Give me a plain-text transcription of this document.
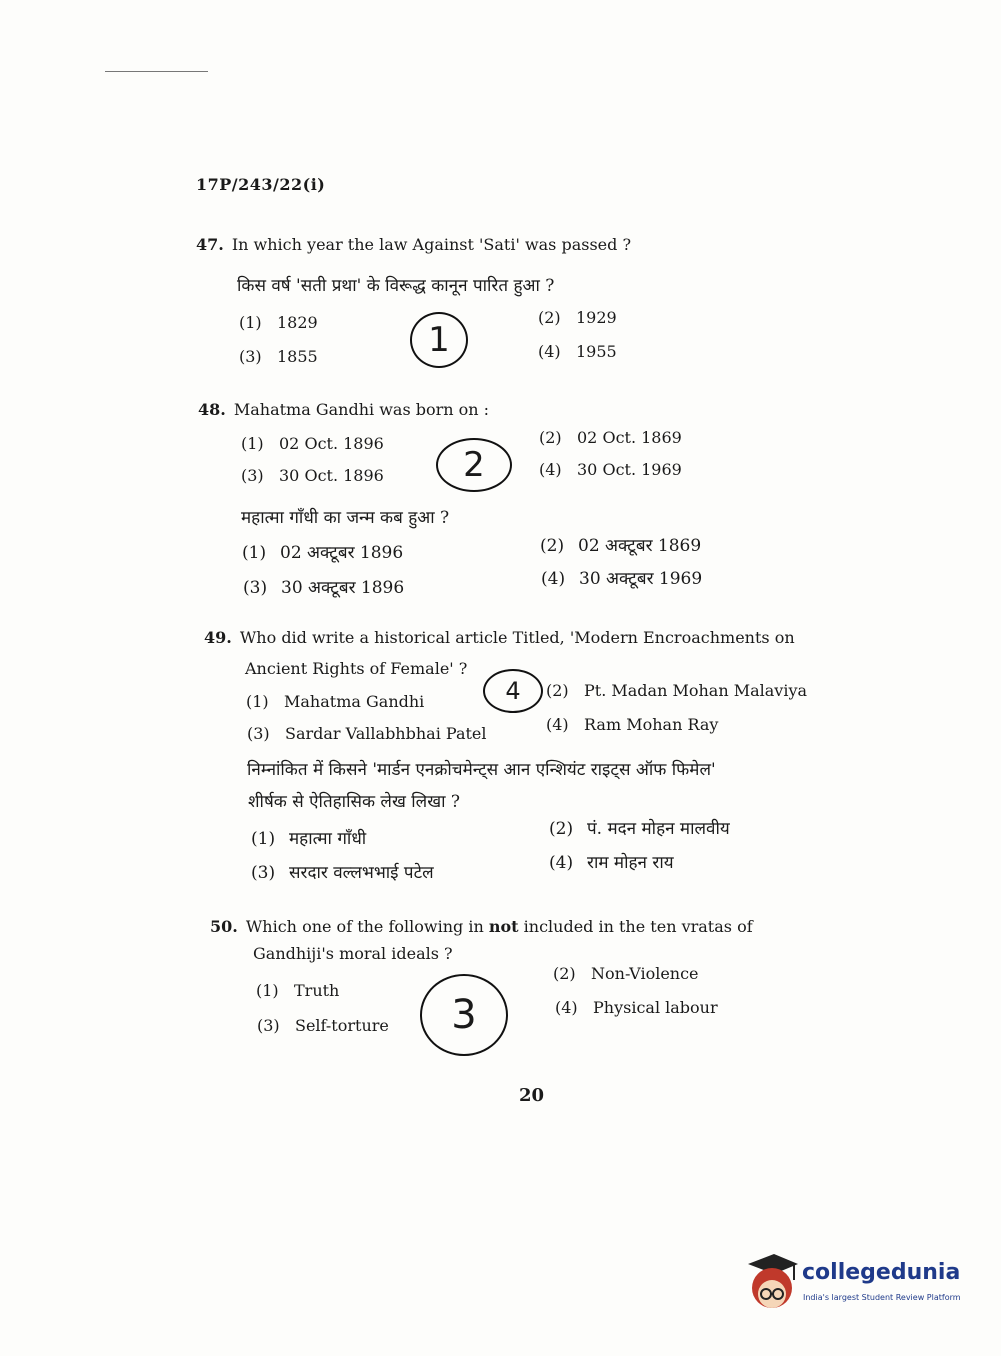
17P/243/22(i)
47. In which year the law Against 'Sati' was passed ?
किस वर्ष 'सती प्रथा' के विरूद्ध कानून पारित हुआ ?
(1) 1829	(2) 1929
(3) 1855	(4) 1955
1
48. Mahatma Gandhi was born on :
(1) 02 Oct. 1896	(2) 02 Oct. 1869
(3) 30 Oct. 1896	(4) 30 Oct. 1969
2
महात्मा गाँधी का जन्म कब हुआ ?
(1) 02 अक्टूबर 1896	(2) 02 अक्टूबर 1869
(3) 30 अक्टूबर 1896	(4) 30 अक्टूबर 1969
49. Who did write a historical article Titled, 'Modern Encroachments on
Ancient Rights of Female' ?
(1) Mahatma Gandhi
(2) Pt. Madan Mohan Malaviya
(3) Sardar Vallabhbhai Patel	(4) Ram Mohan Ray
4
निम्नांकित में किसने 'मार्डन एनक्रोचमेन्ट्स आन एन्शियंट राइट्स ऑफ फिमेल'
शीर्षक से ऐतिहासिक लेख लिखा ?
(1) महात्मा गाँधी	(2) पं. मदन मोहन मालवीय
(3) सरदार वल्लभभाई पटेल	(4) राम मोहन राय
50. Which one of the following in not included in the ten vratas of
Gandhiji's moral ideals ?
(1) Truth
(2) Non-Violence
(3) Self-torture
(4) Physical labour
3
20
collegedunia
India's largest Student Review Platform
